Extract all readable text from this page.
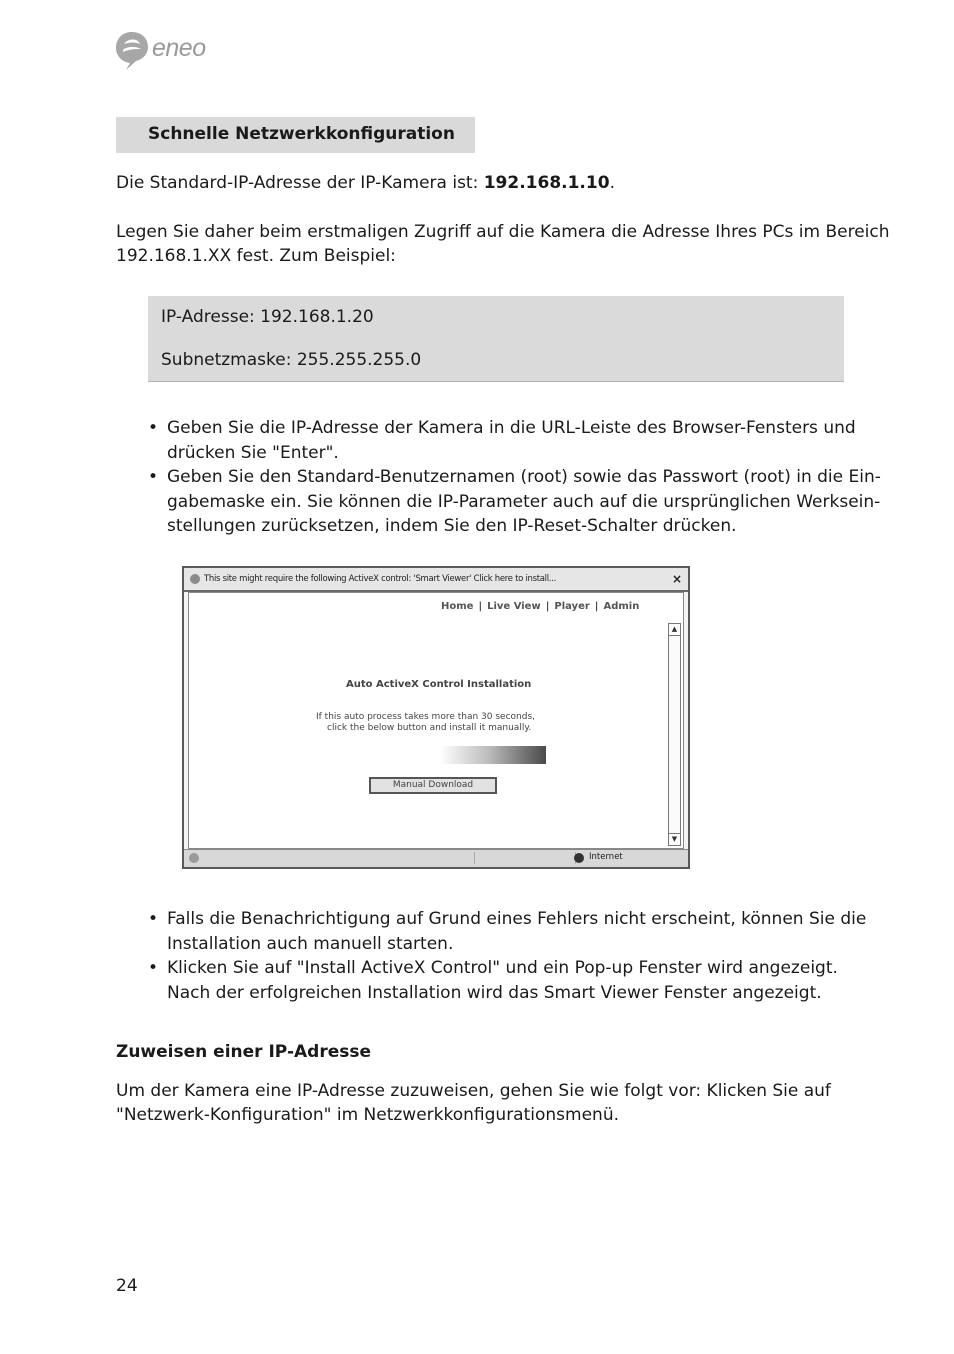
eneo
Schnelle Netzwerkkonfiguration
Die Standard-IP-Adresse der IP-Kamera ist: 192.168.1.10.
Legen Sie daher beim erstmaligen Zugriff auf die Kamera die Adresse Ihres PCs im Bereich
192.168.1.XX fest. Zum Beispiel:
IP-Adresse: 192.168.1.20
Subnetzmaske: 255.255.255.0
• Geben Sie die IP-Adresse der Kamera in die URL-Leiste des Browser-Fensters und
drücken Sie "Enter".
• Geben Sie den Standard-Benutzernamen (root) sowie das Passwort (root) in die Ein-
gabemaske ein. Sie können die IP-Parameter auch auf die ursprünglichen Werksein-
stellungen zurücksetzen, indem Sie den IP-Reset-Schalter drücken.
This site might require the following ActiveX control: 'Smart Viewer' Click here to install...	×
Home | Live View | Player | Admin
Auto ActiveX Control Installation
If this auto process takes more than 30 seconds,
click the below button and install it manually.
Manual Download
▲
▼
Internet
• Falls die Benachrichtigung auf Grund eines Fehlers nicht erscheint, können Sie die
Installation auch manuell starten.
• Klicken Sie auf "Install ActiveX Control" und ein Pop-up Fenster wird angezeigt.
Nach der erfolgreichen Installation wird das Smart Viewer Fenster angezeigt.
Zuweisen einer IP-Adresse
Um der Kamera eine IP-Adresse zuzuweisen, gehen Sie wie folgt vor: Klicken Sie auf
"Netzwerk-Konfiguration" im Netzwerkkonfigurationsmenü.
24
